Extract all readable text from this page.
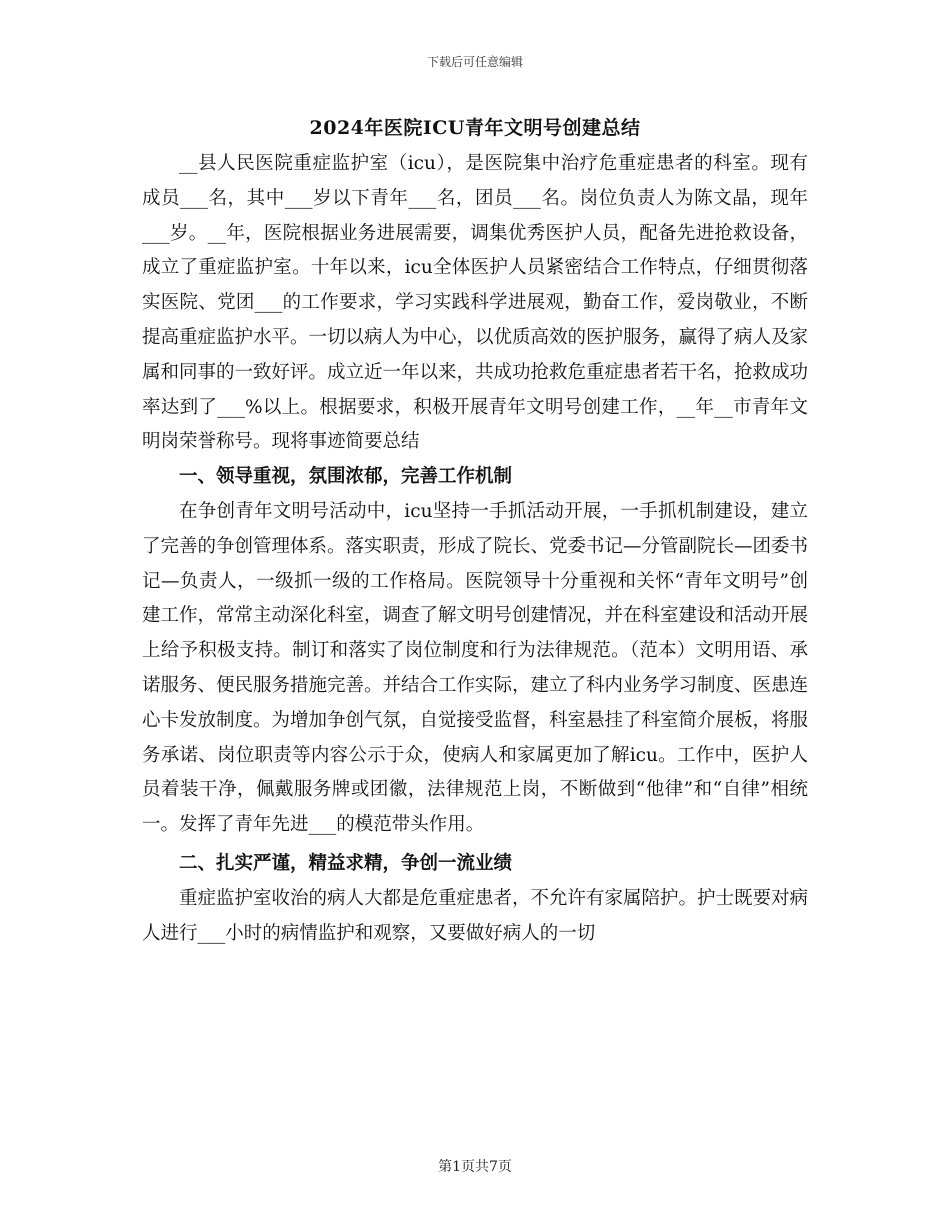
下载后可任意编辑
2024年医院ICU青年文明号创建总结

__县人民医院重症监护室（icu），是医院集中治疗危重症患者的科室。现有成员___名，其中___岁以下青年___名，团员___名。岗位负责人为陈文晶，现年___岁。__年，医院根据业务进展需要，调集优秀医护人员，配备先进抢救设备，成立了重症监护室。十年以来，icu全体医护人员紧密结合工作特点，仔细贯彻落实医院、党团___的工作要求，学习实践科学进展观，勤奋工作，爱岗敬业，不断提高重症监护水平。一切以病人为中心，以优质高效的医护服务，赢得了病人及家属和同事的一致好评。成立近一年以来，共成功抢救危重症患者若干名，抢救成功率达到了___%以上。根据要求，积极开展青年文明号创建工作，__年__市青年文明岗荣誉称号。现将事迹简要总结

一、领导重视，氛围浓郁，完善工作机制

在争创青年文明号活动中，icu坚持一手抓活动开展，一手抓机制建设，建立了完善的争创管理体系。落实职责，形成了院长、党委书记—分管副院长—团委书记—负责人，一级抓一级的工作格局。医院领导十分重视和关怀“青年文明号”创建工作，常常主动深化科室，调查了解文明号创建情况，并在科室建设和活动开展上给予积极支持。制订和落实了岗位制度和行为法律规范。（范本）文明用语、承诺服务、便民服务措施完善。并结合工作实际，建立了科内业务学习制度、医患连心卡发放制度。为增加争创气氛，自觉接受监督，科室悬挂了科室简介展板，将服务承诺、岗位职责等内容公示于众，使病人和家属更加了解icu。工作中，医护人员着装干净，佩戴服务牌或团徽，法律规范上岗，不断做到“他律”和“自律”相统一。发挥了青年先进___的模范带头作用。

二、扎实严谨，精益求精，争创一流业绩

重症监护室收治的病人大都是危重症患者，不允许有家属陪护。护士既要对病人进行___小时的病情监护和观察，又要做好病人的一切

第1页共7页
